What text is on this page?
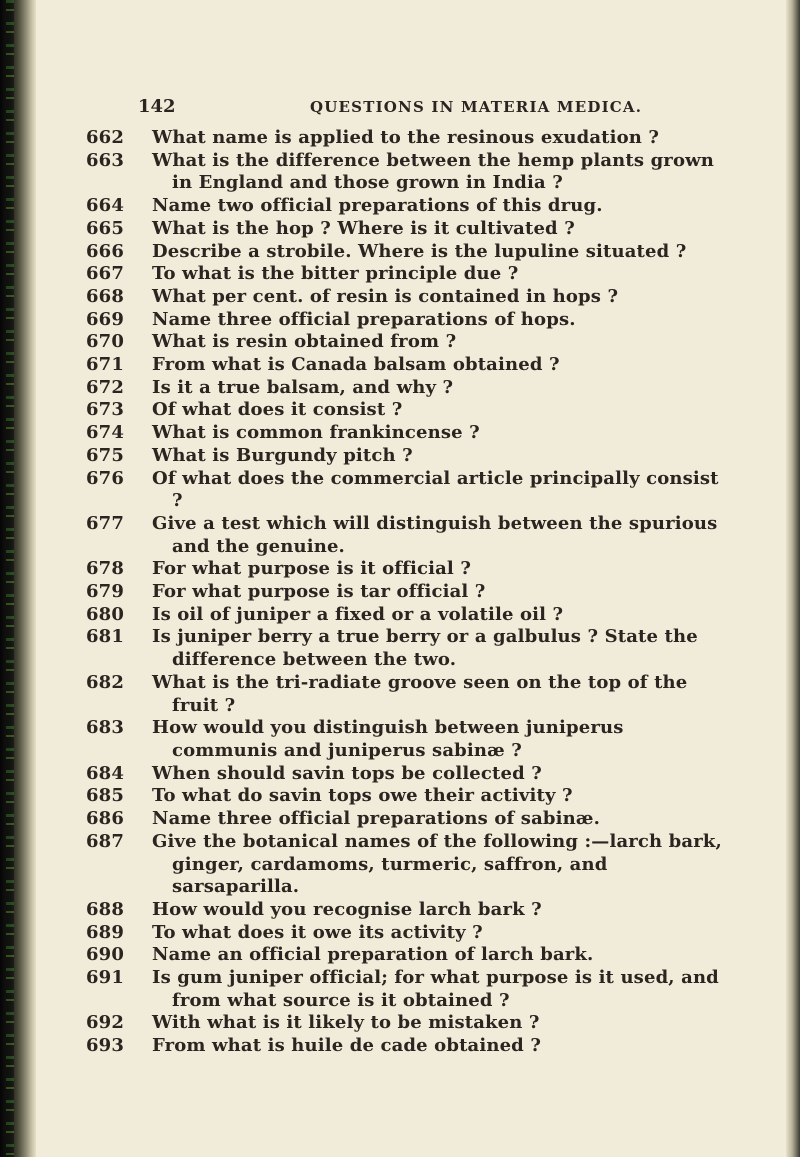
142	QUESTIONS IN MATERIA MEDICA.
662	What name is applied to the resinous exudation ?
663	What is the difference between the hemp plants grown in England and those grown in India ?
664	Name two official preparations of this drug.
665	What is the hop ? Where is it cultivated ?
666	Describe a strobile. Where is the lupuline situated ?
667	To what is the bitter principle due ?
668	What per cent. of resin is contained in hops ?
669	Name three official preparations of hops.
670	What is resin obtained from ?
671	From what is Canada balsam obtained ?
672	Is it a true balsam, and why ?
673	Of what does it consist ?
674	What is common frankincense ?
675	What is Burgundy pitch ?
676	Of what does the commercial article principally consist ?
677	Give a test which will distinguish between the spurious and the genuine.
678	For what purpose is it official ?
679	For what purpose is tar official ?
680	Is oil of juniper a fixed or a volatile oil ?
681	Is juniper berry a true berry or a galbulus ? State the difference between the two.
682	What is the tri-radiate groove seen on the top of the fruit ?
683	How would you distinguish between juniperus communis and juniperus sabinæ ?
684	When should savin tops be collected ?
685	To what do savin tops owe their activity ?
686	Name three official preparations of sabinæ.
687	Give the botanical names of the following :—larch bark, ginger, cardamoms, turmeric, saffron, and sarsaparilla.
688	How would you recognise larch bark ?
689	To what does it owe its activity ?
690	Name an official preparation of larch bark.
691	Is gum juniper official; for what purpose is it used, and from what source is it obtained ?
692	With what is it likely to be mistaken ?
693	From what is huile de cade obtained ?
